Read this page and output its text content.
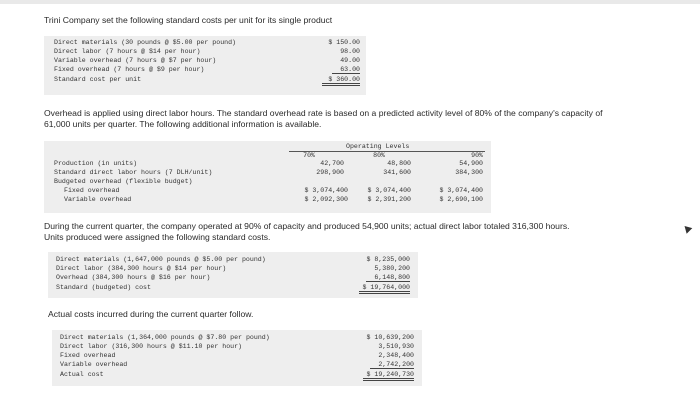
Trini Company set the following standard costs per unit for its single product
Direct materials (30 pounds @ $5.00 per pound)	$ 150.00
Direct labor (7 hours @ $14 per hour)	98.00
Variable overhead (7 hours @ $7 per hour)	49.00
Fixed overhead (7 hours @ $9 per hour)	63.00
Standard cost per unit	$ 360.00
Overhead is applied using direct labor hours. The standard overhead rate is based on a predicted activity level of 80% of the company's capacity of 61,000 units per quarter. The following additional information is available.
Operating Levels
70%	80%	90%
Production (in units)	42,700	48,800	54,900
Standard direct labor hours (7 DLH/unit)	298,900	341,600	384,300
Budgeted overhead (flexible budget)
Fixed overhead	$ 3,074,400	$ 3,074,400	$ 3,074,400
Variable overhead	$ 2,092,300	$ 2,391,200	$ 2,690,100
During the current quarter, the company operated at 90% of capacity and produced 54,900 units; actual direct labor totaled 316,300 hours. Units produced were assigned the following standard costs.
Direct materials (1,647,000 pounds @ $5.00 per pound)	$ 8,235,000
Direct labor (384,300 hours @ $14 per hour)	5,380,200
Overhead (384,300 hours @ $16 per hour)	6,148,800
Standard (budgeted) cost	$ 19,764,000
Actual costs incurred during the current quarter follow.
Direct materials (1,364,000 pounds @ $7.80 per pound)	$ 10,639,200
Direct labor (316,300 hours @ $11.10 per hour)	3,510,930
Fixed overhead	2,348,400
Variable overhead	2,742,200
Actual cost	$ 19,240,730
